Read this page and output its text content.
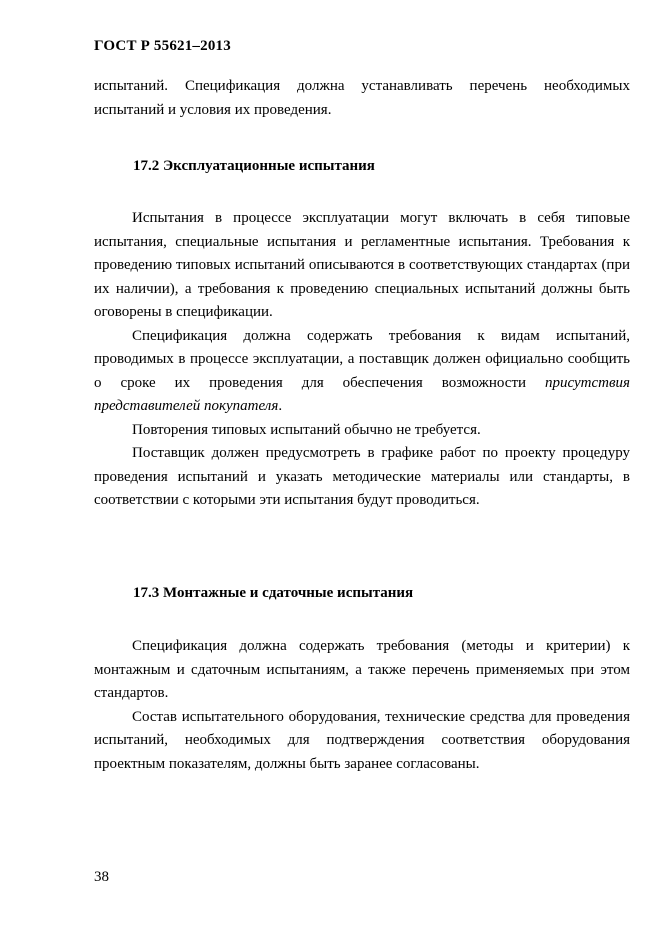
ГОСТ Р 55621–2013

испытаний. Спецификация должна устанавливать перечень необходимых испытаний и условия их проведения.

17.2 Эксплуатационные испытания

Испытания в процессе эксплуатации могут включать в себя типовые испытания, специальные испытания и регламентные испытания. Требования к проведению типовых испытаний описываются в соответствующих стандартах (при их наличии), а требования к проведению специальных испытаний должны быть оговорены в спецификации.

Спецификация должна содержать требования к видам испытаний, проводимых в процессе эксплуатации, а поставщик должен официально сообщить о сроке их проведения для обеспечения возможности присутствия представителей покупателя.

Повторения типовых испытаний обычно не требуется.

Поставщик должен предусмотреть в графике работ по проекту процедуру проведения испытаний и указать методические материалы или стандарты, в соответствии с которыми эти испытания будут проводиться.

17.3 Монтажные и сдаточные испытания

Спецификация должна содержать требования (методы и критерии) к монтажным и сдаточным испытаниям, а также перечень применяемых при этом стандартов.

Состав испытательного оборудования, технические средства для проведения испытаний, необходимых для подтверждения соответствия оборудования проектным показателям, должны быть заранее согласованы.

38
